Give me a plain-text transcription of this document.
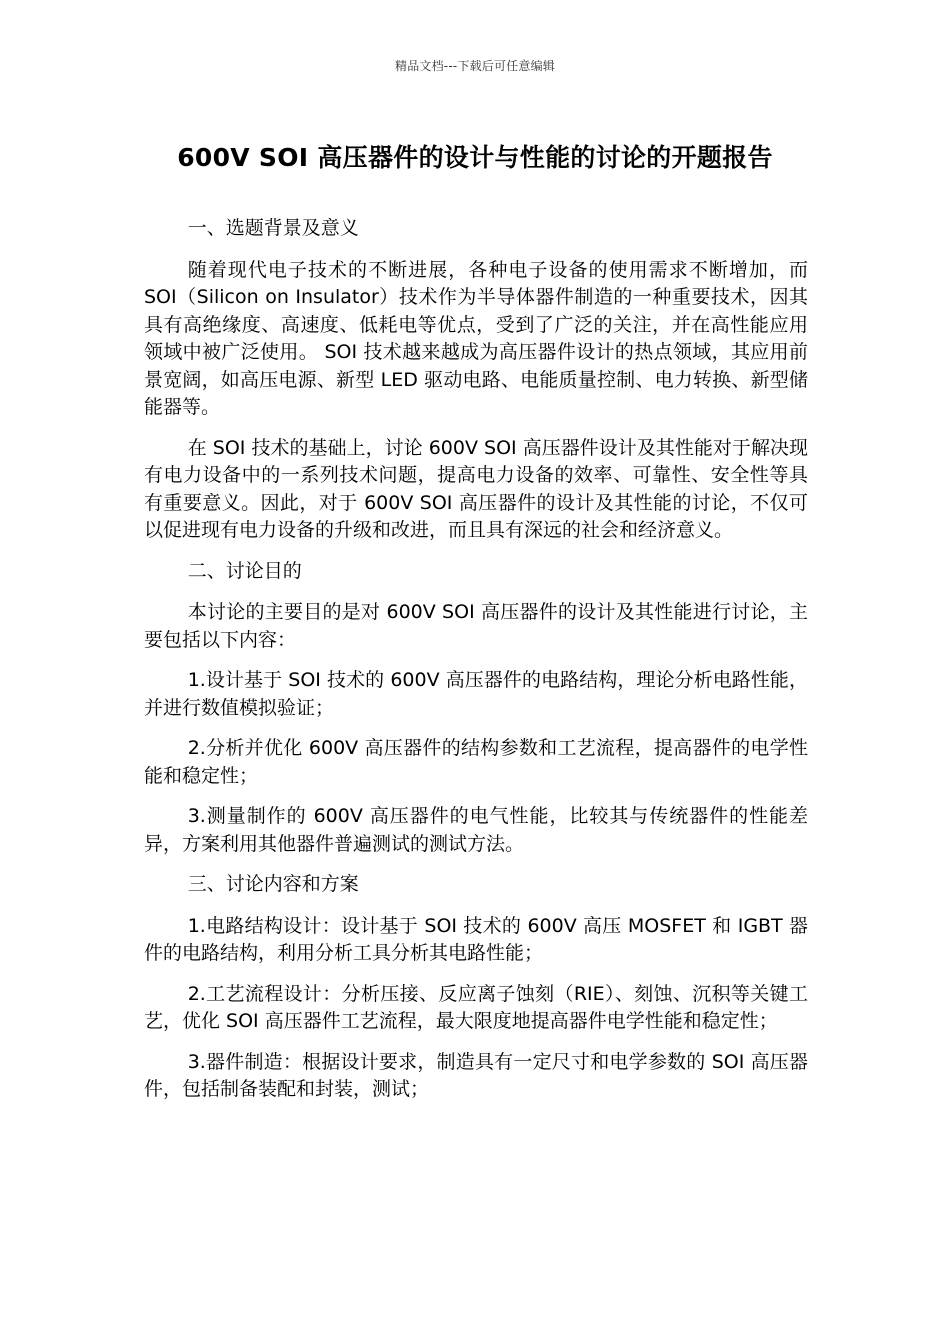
精品文档---下载后可任意编辑
600V SOI 高压器件的设计与性能的讨论的开题报告

一、选题背景及意义

随着现代电子技术的不断进展，各种电子设备的使用需求不断增加，而 SOI（Silicon on Insulator）技术作为半导体器件制造的一种重要技术，因其具有高绝缘度、高速度、低耗电等优点，受到了广泛的关注，并在高性能应用领域中被广泛使用。 SOI 技术越来越成为高压器件设计的热点领域，其应用前景宽阔，如高压电源、新型 LED 驱动电路、电能质量控制、电力转换、新型储能器等。

在 SOI 技术的基础上，讨论 600V SOI 高压器件设计及其性能对于解决现有电力设备中的一系列技术问题，提高电力设备的效率、可靠性、安全性等具有重要意义。因此，对于 600V SOI 高压器件的设计及其性能的讨论，不仅可以促进现有电力设备的升级和改进，而且具有深远的社会和经济意义。

二、讨论目的

本讨论的主要目的是对 600V SOI 高压器件的设计及其性能进行讨论，主要包括以下内容：

1.设计基于 SOI 技术的 600V 高压器件的电路结构，理论分析电路性能，并进行数值模拟验证；

2.分析并优化 600V 高压器件的结构参数和工艺流程，提高器件的电学性能和稳定性；

3.测量制作的 600V 高压器件的电气性能，比较其与传统器件的性能差异，方案利用其他器件普遍测试的测试方法。

三、讨论内容和方案

1.电路结构设计：设计基于 SOI 技术的 600V 高压 MOSFET 和 IGBT 器件的电路结构，利用分析工具分析其电路性能；

2.工艺流程设计：分析压接、反应离子蚀刻（RIE）、刻蚀、沉积等关键工艺，优化 SOI 高压器件工艺流程，最大限度地提高器件电学性能和稳定性；

3.器件制造：根据设计要求，制造具有一定尺寸和电学参数的 SOI 高压器件，包括制备装配和封装，测试；
